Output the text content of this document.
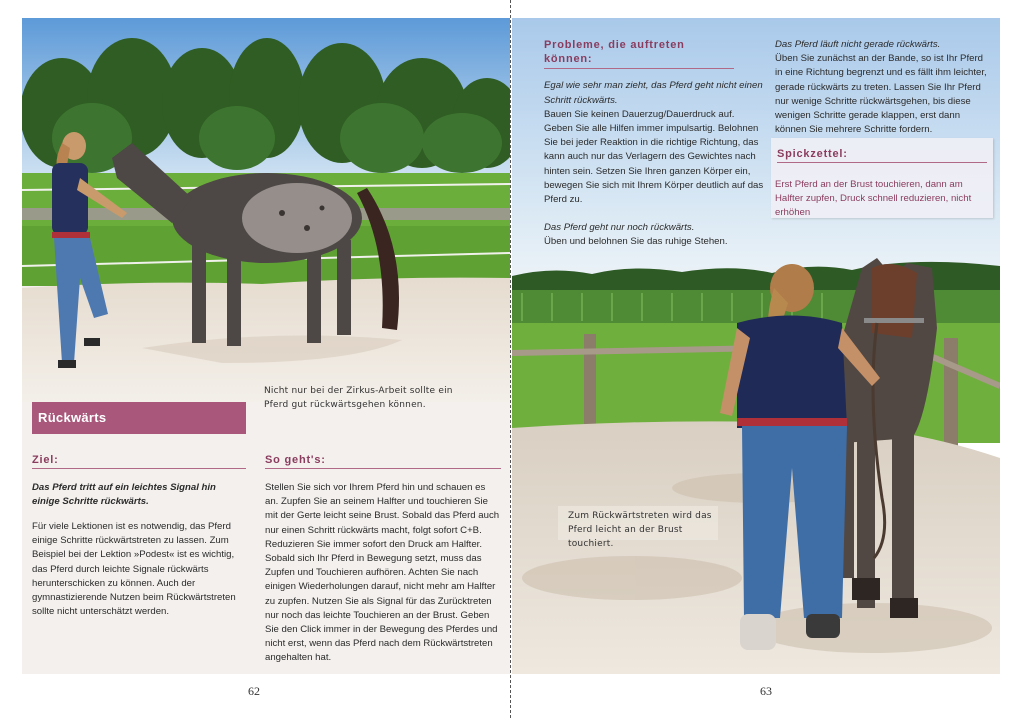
Nicht nur bei der Zirkus-Arbeit sollte ein Pferd gut rückwärtsgehen können.
Rückwärts
Ziel:
Das Pferd tritt auf ein leichtes Signal hin einige Schritte rückwärts.
Für viele Lektionen ist es notwendig, das Pferd einige Schritte rückwärtstreten zu lassen. Zum Beispiel bei der Lektion »Podest« ist es wichtig, das Pferd durch leichte Signale rückwärts herunterschicken zu können. Auch der gymnastizierende Nutzen beim Rückwärtstreten sollte nicht unterschätzt werden.
So geht's:
Stellen Sie sich vor Ihrem Pferd hin und schauen es an. Zupfen Sie an seinem Halfter und touchieren Sie mit der Gerte leicht seine Brust. Sobald das Pferd auch nur einen Schritt rückwärts macht, folgt sofort C+B. Reduzieren Sie immer sofort den Druck am Halfter. Sobald sich Ihr Pferd in Bewegung setzt, muss das Zupfen und Touchieren aufhören. Achten Sie nach einigen Wiederholungen darauf, nicht mehr am Halfter zu zupfen. Nutzen Sie als Signal für das Zurücktreten nur noch das leichte Touchieren an der Brust. Geben Sie den Click immer in der Bewegung des Pferdes und nicht erst, wenn das Pferd nach dem Rückwärtstreten angehalten hat.
62
Probleme, die auftreten können:

Egal wie sehr man zieht, das Pferd geht nicht einen Schritt rückwärts.

Bauen Sie keinen Dauerzug/Dauerdruck auf. Geben Sie alle Hilfen immer impulsartig. Belohnen Sie bei jeder Reaktion in die richtige Richtung, das kann auch nur das Verlagern des Gewichtes nach hinten sein. Setzen Sie Ihren ganzen Körper ein, bewegen Sie sich mit Ihrem Körper deutlich auf das Pferd zu.

Das Pferd geht nur noch rückwärts.

Üben und belohnen Sie das ruhige Stehen.

Das Pferd läuft nicht gerade rückwärts.

Üben Sie zunächst an der Bande, so ist Ihr Pferd in eine Richtung begrenzt und es fällt ihm leichter, gerade rückwärts zu treten. Lassen Sie Ihr Pferd nur wenige Schritte rückwärtsgehen, bis diese wenigen Schritte gerade klappen, erst dann können Sie mehrere Schritte fordern.

Spickzettel:
Erst Pferd an der Brust touchieren, dann am Halfter zupfen, Druck schnell reduzieren, nicht erhöhen
Zum Rückwärtstreten wird das Pferd leicht an der Brust touchiert.
63
